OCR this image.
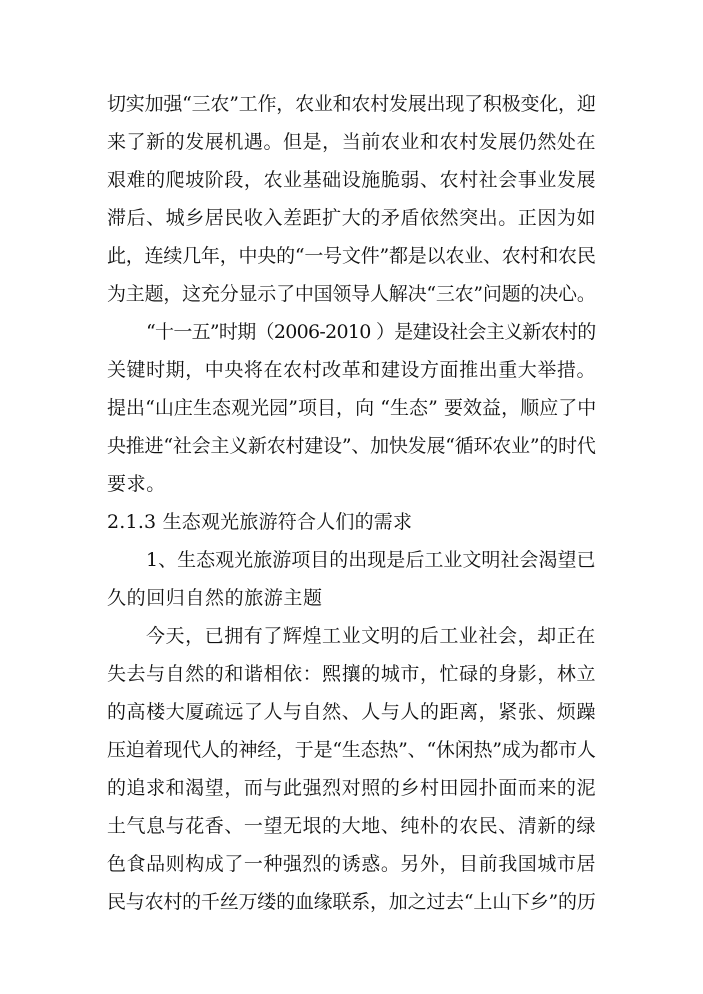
切实加强“三农”工作，农业和农村发展出现了积极变化，迎
来了新的发展机遇。但是，当前农业和农村发展仍然处在
艰难的爬坡阶段，农业基础设施脆弱、农村社会事业发展
滞后、城乡居民收入差距扩大的矛盾依然突出。正因为如
此，连续几年，中央的“一号文件”都是以农业、农村和农民
为主题，这充分显示了中国领导人解决“三农”问题的决心。
“十一五”时期（2006-2010 ）是建设社会主义新农村的
关键时期，中央将在农村改革和建设方面推出重大举措。
提出“山庄生态观光园”项目，向 “生态” 要效益，顺应了中
央推进“社会主义新农村建设”、加快发展“循环农业”的时代
要求。
2.1.3 生态观光旅游符合人们的需求
1、生态观光旅游项目的出现是后工业文明社会渴望已
久的回归自然的旅游主题
今天，已拥有了辉煌工业文明的后工业社会，却正在
失去与自然的和谐相依：熙攘的城市，忙碌的身影，林立
的高楼大厦疏远了人与自然、人与人的距离，紧张、烦躁
压迫着现代人的神经，于是“生态热”、“休闲热”成为都市人
的追求和渴望，而与此强烈对照的乡村田园扑面而来的泥
土气息与花香、一望无垠的大地、纯朴的农民、清新的绿
色食品则构成了一种强烈的诱惑。另外，目前我国城市居
民与农村的千丝万缕的血缘联系，加之过去“上山下乡”的历
